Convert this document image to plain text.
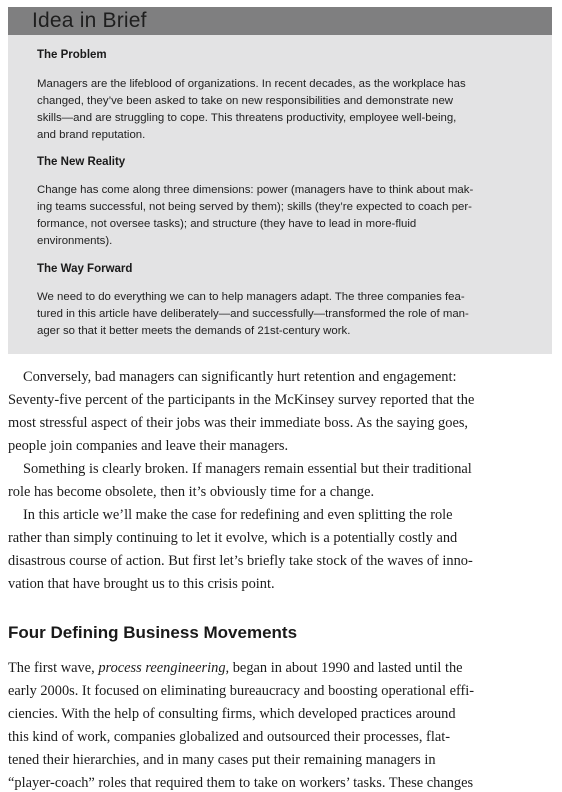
Idea in Brief
The Problem
Managers are the lifeblood of organizations. In recent decades, as the workplace has
changed, they’ve been asked to take on new responsibilities and demonstrate new
skills—and are struggling to cope. This threatens productivity, employee well-being,
and brand reputation.
The New Reality
Change has come along three dimensions: power (managers have to think about mak-
ing teams successful, not being served by them); skills (they’re expected to coach per-
formance, not oversee tasks); and structure (they have to lead in more-fluid
environments).
The Way Forward
We need to do everything we can to help managers adapt. The three companies fea-
tured in this article have deliberately—and successfully—transformed the role of man-
ager so that it better meets the demands of 21st-century work.
Conversely, bad managers can significantly hurt retention and engagement:
Seventy-five percent of the participants in the McKinsey survey reported that the
most stressful aspect of their jobs was their immediate boss. As the saying goes,
people join companies and leave their managers.
Something is clearly broken. If managers remain essential but their traditional
role has become obsolete, then it’s obviously time for a change.
In this article we’ll make the case for redefining and even splitting the role
rather than simply continuing to let it evolve, which is a potentially costly and
disastrous course of action. But first let’s briefly take stock of the waves of inno-
vation that have brought us to this crisis point.
Four Defining Business Movements
The first wave, process reengineering, began in about 1990 and lasted until the
early 2000s. It focused on eliminating bureaucracy and boosting operational effi-
ciencies. With the help of consulting firms, which developed practices around
this kind of work, companies globalized and outsourced their processes, flat-
tened their hierarchies, and in many cases put their remaining managers in
“player-coach” roles that required them to take on workers’ tasks. These changes
